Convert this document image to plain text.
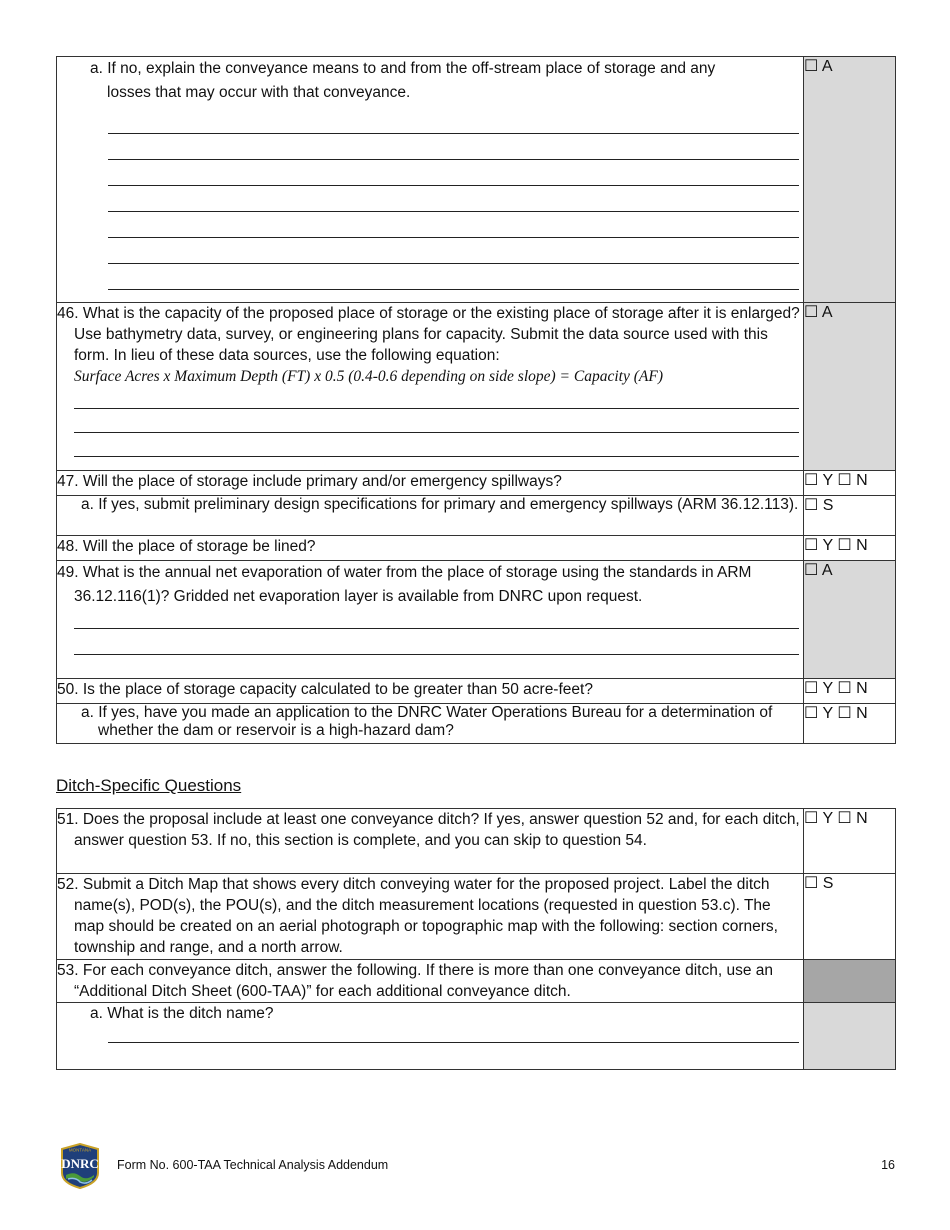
a. If no, explain the conveyance means to and from the off-stream place of storage and any
losses that may occur with that conveyance.	☐ A

46. What is the capacity of the proposed place of storage or the existing place of storage after it is enlarged? Use bathymetry data, survey, or engineering plans for capacity. Submit the data source used with this form. In lieu of these data sources, use the following equation:
Surface Acres x Maximum Depth (FT) x 0.5 (0.4-0.6 depending on side slope) = Capacity (AF)	☐ A
47. Will the place of storage include primary and/or emergency spillways?	☐ Y ☐ N

a. If yes, submit preliminary design specifications for primary and emergency spillways (ARM 36.12.113).	☐ S
48. Will the place of storage be lined?	☐ Y ☐ N

49. What is the annual net evaporation of water from the place of storage using the standards in ARM 36.12.116(1)? Gridded net evaporation layer is available from DNRC upon request.	☐ A
50. Is the place of storage capacity calculated to be greater than 50 acre-feet?	☐ Y ☐ N

a. If yes, have you made an application to the DNRC Water Operations Bureau for a determination of whether the dam or reservoir is a high-hazard dam?	☐ Y ☐ N
Ditch-Specific Questions
51. Does the proposal include at least one conveyance ditch? If yes, answer question 52 and, for each ditch, answer question 53. If no, this section is complete, and you can skip to question 54.	☐ Y ☐ N

52. Submit a Ditch Map that shows every ditch conveying water for the proposed project. Label the ditch name(s), POD(s), the POU(s), and the ditch measurement locations (requested in question 53.c). The map should be created on an aerial photograph or topographic map with the following: section corners, township and range, and a north arrow.	☐ S

53. For each conveyance ditch, answer the following. If there is more than one conveyance ditch, use an “Additional Ditch Sheet (600-TAA)” for each additional conveyance ditch.	

a. What is the ditch name?	

MONTANA
DNRC Form No. 600-TAA Technical Analysis Addendum	16
